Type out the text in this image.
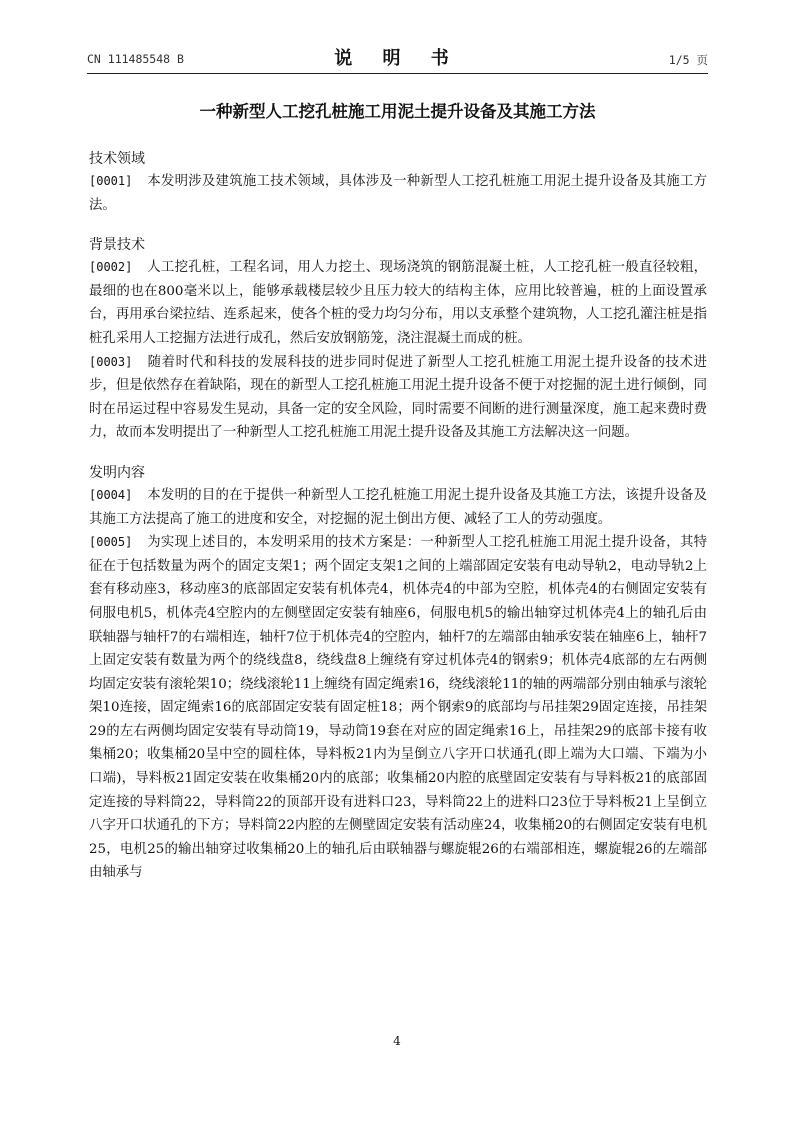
CN 111485548 B	说 明 书	1/5 页
一种新型人工挖孔桩施工用泥土提升设备及其施工方法

技术领域

[0001] 本发明涉及建筑施工技术领域，具体涉及一种新型人工挖孔桩施工用泥土提升设备及其施工方法。

背景技术

[0002] 人工挖孔桩，工程名词，用人力挖土、现场浇筑的钢筋混凝土桩，人工挖孔桩一般直径较粗，最细的也在800毫米以上，能够承载楼层较少且压力较大的结构主体，应用比较普遍，桩的上面设置承台，再用承台梁拉结、连系起来，使各个桩的受力均匀分布，用以支承整个建筑物，人工挖孔灌注桩是指桩孔采用人工挖掘方法进行成孔，然后安放钢筋笼，浇注混凝土而成的桩。

[0003] 随着时代和科技的发展科技的进步同时促进了新型人工挖孔桩施工用泥土提升设备的技术进步，但是依然存在着缺陷，现在的新型人工挖孔桩施工用泥土提升设备不便于对挖掘的泥土进行倾倒，同时在吊运过程中容易发生晃动，具备一定的安全风险，同时需要不间断的进行测量深度，施工起来费时费力，故而本发明提出了一种新型人工挖孔桩施工用泥土提升设备及其施工方法解决这一问题。

发明内容

[0004] 本发明的目的在于提供一种新型人工挖孔桩施工用泥土提升设备及其施工方法，该提升设备及其施工方法提高了施工的进度和安全，对挖掘的泥土倒出方便、减轻了工人的劳动强度。

[0005] 为实现上述目的，本发明采用的技术方案是：一种新型人工挖孔桩施工用泥土提升设备，其特征在于包括数量为两个的固定支架1；两个固定支架1之间的上端部固定安装有电动导轨2，电动导轨2上套有移动座3，移动座3的底部固定安装有机体壳4，机体壳4的中部为空腔，机体壳4的右侧固定安装有伺服电机5，机体壳4空腔内的左侧壁固定安装有轴座6，伺服电机5的输出轴穿过机体壳4上的轴孔后由联轴器与轴杆7的右端相连，轴杆7位于机体壳4的空腔内，轴杆7的左端部由轴承安装在轴座6上，轴杆7上固定安装有数量为两个的绕线盘8，绕线盘8上缠绕有穿过机体壳4的钢索9；机体壳4底部的左右两侧均固定安装有滚轮架10；绕线滚轮11上缠绕有固定绳索16，绕线滚轮11的轴的两端部分别由轴承与滚轮架10连接，固定绳索16的底部固定安装有固定桩18；两个钢索9的底部均与吊挂架29固定连接，吊挂架29的左右两侧均固定安装有导动筒19，导动筒19套在对应的固定绳索16上，吊挂架29的底部卡接有收集桶20；收集桶20呈中空的圆柱体，导料板21内为呈倒立八字开口状通孔(即上端为大口端、下端为小口端)，导料板21固定安装在收集桶20内的底部；收集桶20内腔的底壁固定安装有与导料板21的底部固定连接的导料筒22，导料筒22的顶部开设有进料口23，导料筒22上的进料口23位于导料板21上呈倒立八字开口状通孔的下方；导料筒22内腔的左侧壁固定安装有活动座24，收集桶20的右侧固定安装有电机25，电机25的输出轴穿过收集桶20上的轴孔后由联轴器与螺旋辊26的右端部相连，螺旋辊26的左端部由轴承与

4
